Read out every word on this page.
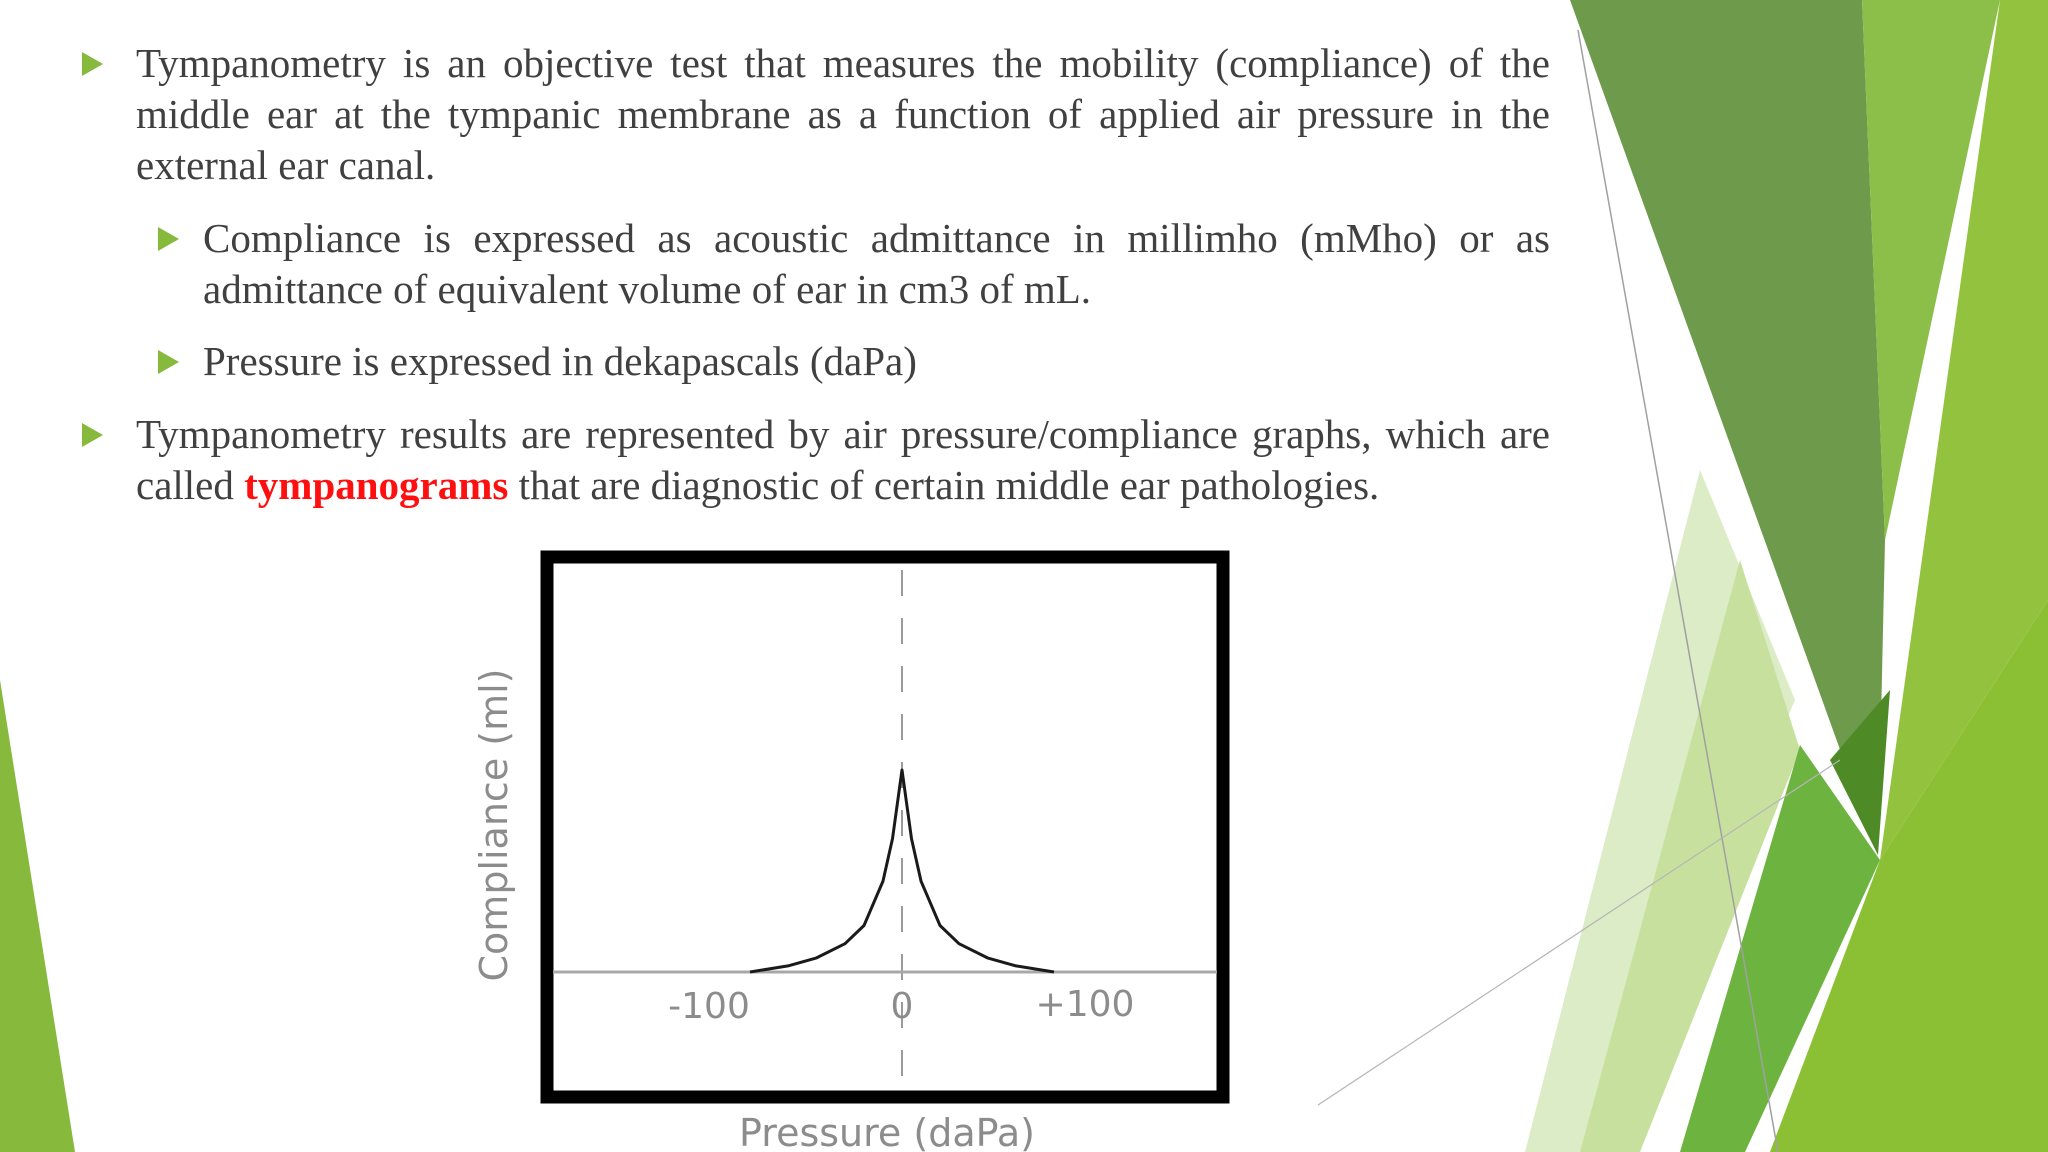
Tympanometry is an objective test that measures the mobility (compliance) of the middle ear at the tympanic membrane as a function of applied air pressure in the external ear canal.
Compliance is expressed as acoustic admittance in millimho (mMho) or as admittance of equivalent volume of ear in cm3 of mL.
Pressure is expressed in dekapascals (daPa)
Tympanometry results are represented by air pressure/compliance graphs, which are called tympanograms that are diagnostic of certain middle ear pathologies.
-100	0	+100
Compliance (ml)
Pressure (daPa)
